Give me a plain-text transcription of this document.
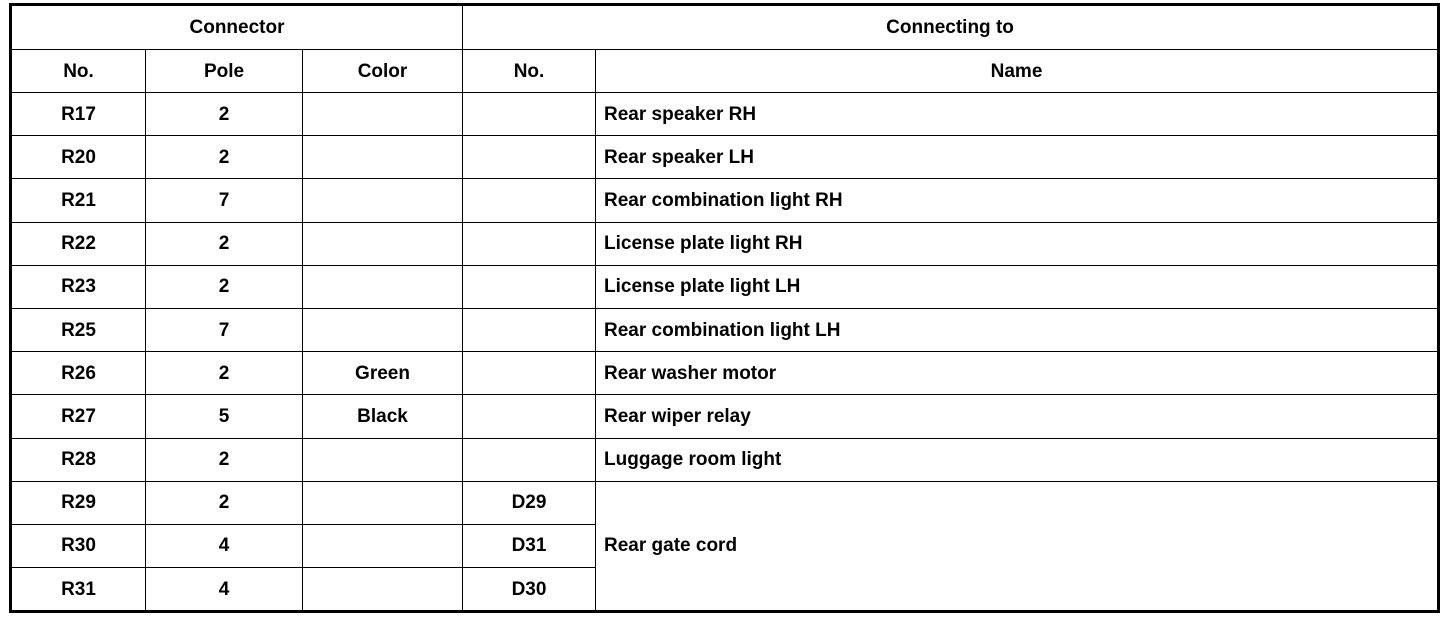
Connector			Connecting to	
No.	Pole	Color	No.	Name
R17	2			Rear speaker RH
R20	2			Rear speaker LH
R21	7			Rear combination light RH
R22	2			License plate light RH
R23	2			License plate light LH
R25	7			Rear combination light LH
R26	2	Green		Rear washer motor
R27	5	Black		Rear wiper relay
R28	2			Luggage room light
R29	2		D29	Rear gate cord
R30	4		D31	
R31	4		D30	
